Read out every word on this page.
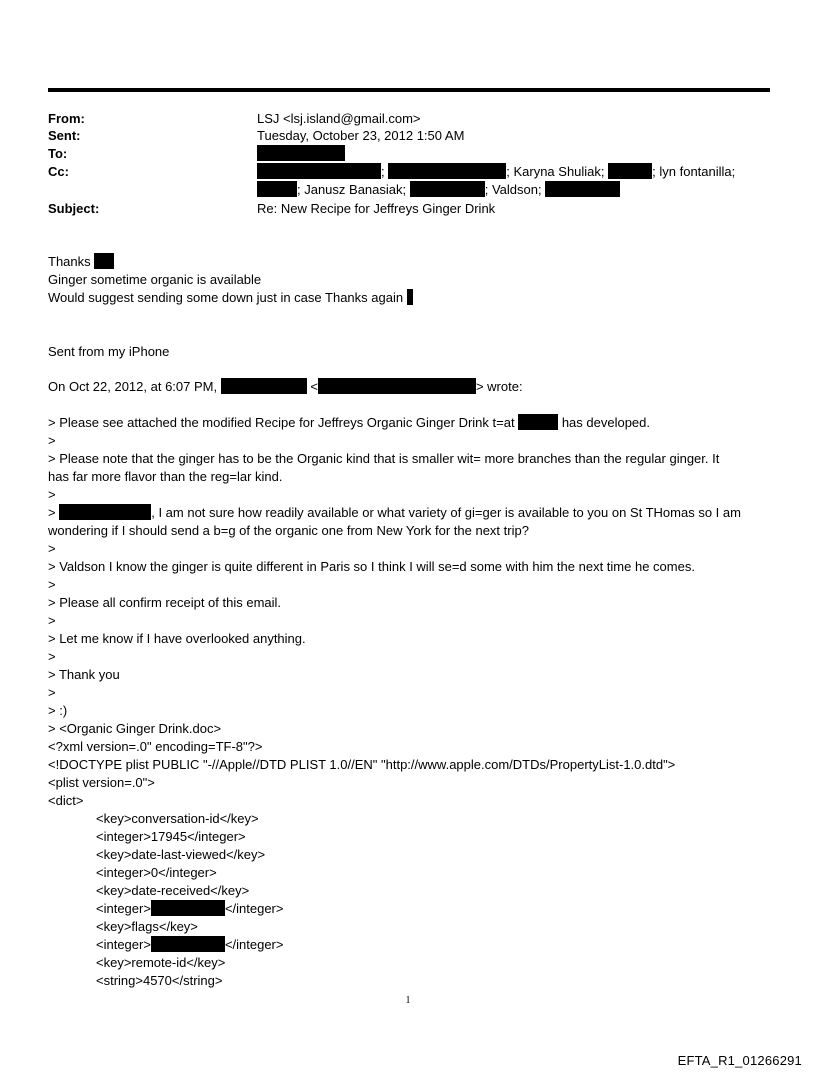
From:	LSJ <lsj.island@gmail.com>
Sent:	Tuesday, October 23, 2012 1:50 AM
To:
Cc:	;	; Karyna Shuliak;	; lyn fontanilla;
; Janusz Banasiak;	; Valdson;
Subject:	Re: New Recipe for Jeffreys Ginger Drink
Thanks
Ginger sometime organic is available
Would suggest sending some down just in case Thanks again
Sent from my iPhone
On Oct 22, 2012, at 6:07 PM,	<	> wrote:
> Please see attached the modified Recipe for Jeffreys Organic Ginger Drink t=at	has developed.
>
> Please note that the ginger has to be the Organic kind that is smaller wit= more branches than the regular ginger. It
has far more flavor than the reg=lar kind.
>
>	, I am not sure how readily available or what variety of gi=ger is available to you on St THomas so I am
wondering if I should send a b=g of the organic one from New York for the next trip?
>
> Valdson I know the ginger is quite different in Paris so I think I will se=d some with him the next time he comes.
>
> Please all confirm receipt of this email.
>
> Let me know if I have overlooked anything.
>
> Thank you
>
> :)
> <Organic Ginger Drink.doc>
<?xml version=.0" encoding=TF-8"?>
<!DOCTYPE plist PUBLIC "-//Apple//DTD PLIST 1.0//EN" "http://www.apple.com/DTDs/PropertyList-1.0.dtd">
<plist version=.0">
<dict>
<key>conversation-id</key>
<integer>17945</integer>
<key>date-last-viewed</key>
<integer>0</integer>
<key>date-received</key>
<integer>	</integer>
<key>flags</key>
<integer>	</integer>
<key>remote-id</key>
<string>4570</string>
1
EFTA_R1_01266291
